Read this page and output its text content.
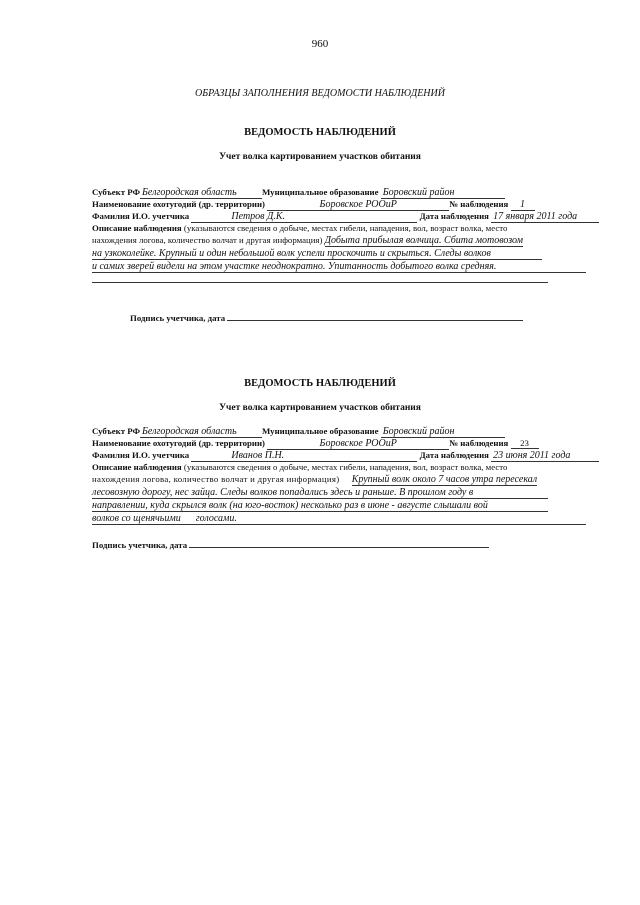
960
ОБРАЗЦЫ ЗАПОЛНЕНИЯ ВЕДОМОСТИ НАБЛЮДЕНИЙ
ВЕДОМОСТЬ НАБЛЮДЕНИЙ
Учет волка картированием участков обитания
Субъект РФ Белгородская область	Муниципальное образование Боровский район
Наименование охотугодий (др. территории)	Боровское РООиР	№ наблюдения 1
Фамилия И.О. учетчика	Петров Д.К.	Дата наблюдения 17 января 2011 года
Описание наблюдения (указываются сведения о добыче, местах гибели, нападения, вол, возраст волка, место
нахождения логова, количество волчат и другая информация) Добыта прибылая волчица. Сбита мотовозом
на узкоколейке. Крупный и один небольшой волк успели проскочить и скрыться. Следы волков
и самих зверей видели на этом участке неоднократно. Упитанность добытого волка средняя.
Подпись учетчика, дата
ВЕДОМОСТЬ НАБЛЮДЕНИЙ
Учет волка картированием участков обитания
Субъект РФ Белгородская область	Муниципальное образование Боровский район
Наименование охотугодий (др. территории)	Боровское РООиР	№ наблюдения 23
Фамилия И.О. учетчика	Иванов П.Н.	Дата наблюдения 23 июня 2011 года
Описание наблюдения (указываются сведения о добыче, местах гибели, нападения, вол, возраст волка, место
нахождения логова, количество волчат и другая информация) Крупный волк около 7 часов утра пересекал
лесовозную дорогу, нес зайца. Следы волков попадались здесь и раньше. В прошлом году в
направлении, куда скрылся волк (на юго-восток) несколько раз в июне - августе слышали вой
волков со щенячьими      голосами.
Подпись учетчика, дата
